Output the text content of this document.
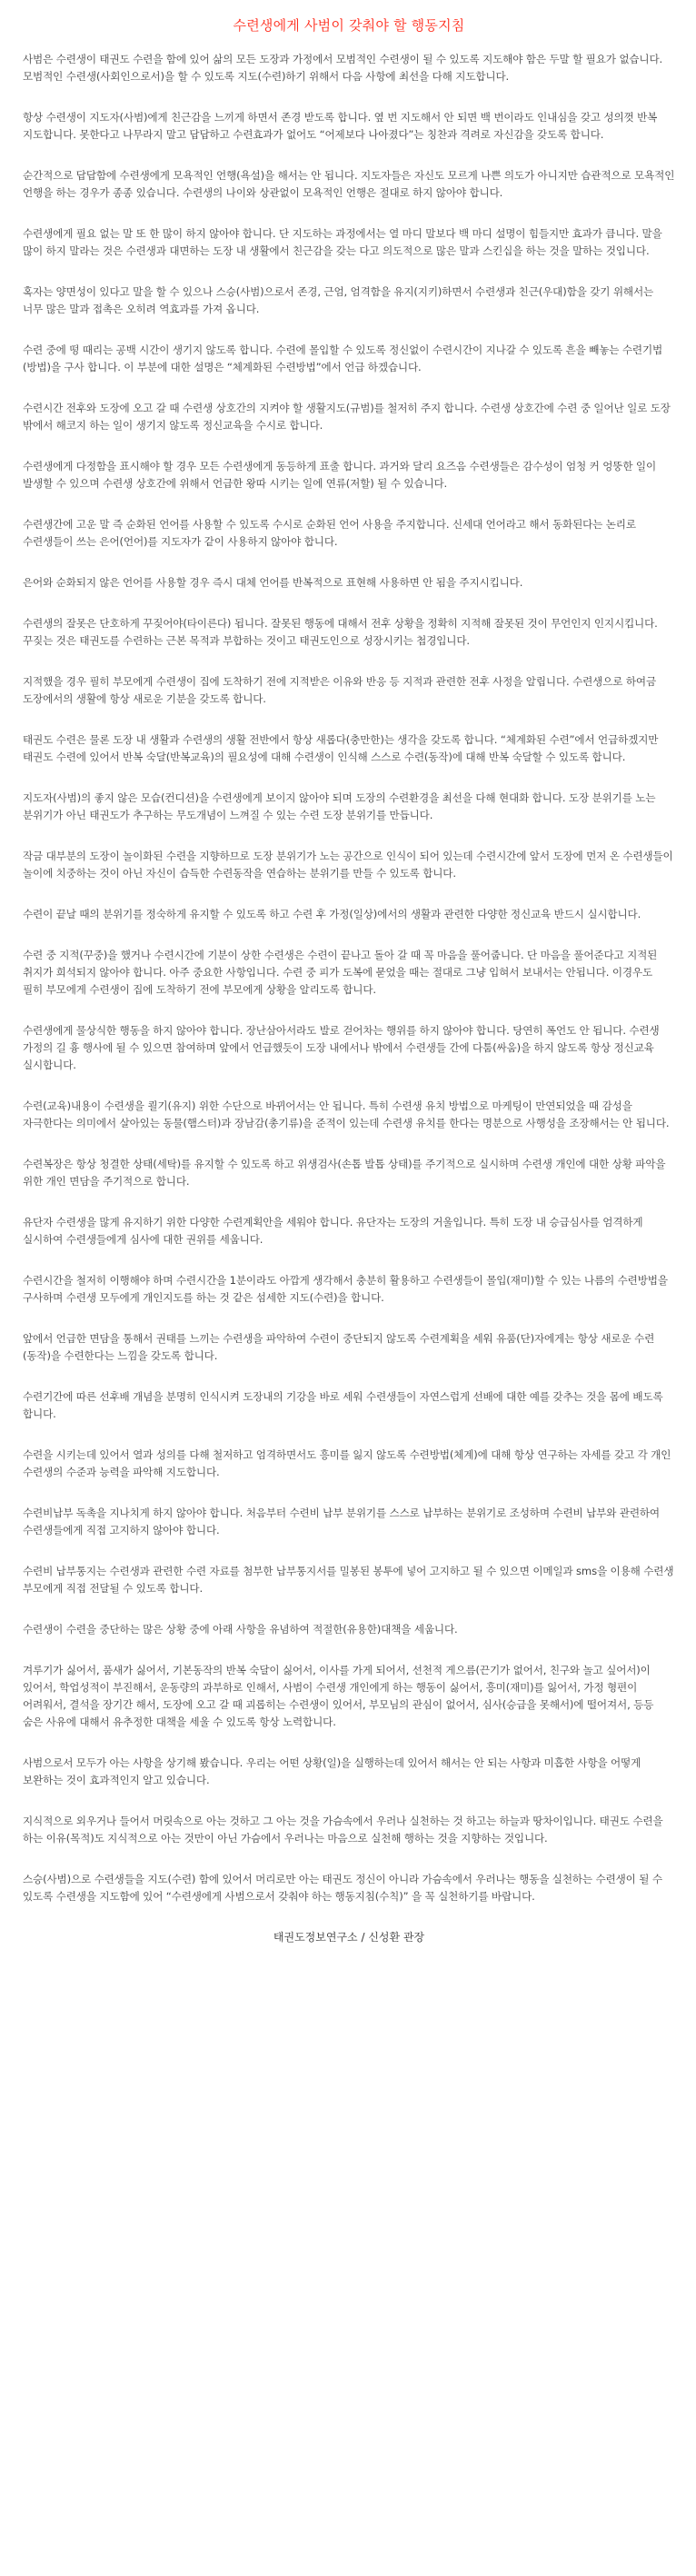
수련생에게 사범이 갖춰야 할 행동지침

사범은 수련생이 태권도 수련을 함에 있어 삶의 모든 도장과 가정에서 모범적인 수련생이 될 수 있도록 지도해야 함은 두말 할 필요가 없습니다. 모범적인 수련생(사회인으로서)을 할 수 있도록 지도(수련)하기 위해서 다음 사항에 최선을 다해 지도합니다.

항상 수련생이 지도자(사범)에게 친근감을 느끼게 하면서 존경 받도록 합니다. 옆 번 지도해서 안 되면 백 번이라도 인내심을 갖고 성의껏 반복 지도합니다. 못한다고 나무라지 말고 답답하고 수련효과가 없어도 “어제보다 나아졌다”는 칭찬과 격려로 자신감을 갖도록 합니다.

순간적으로 답답함에 수련생에게 모욕적인 언행(욕설)을 해서는 안 됩니다. 지도자들은 자신도 모르게 나쁜 의도가 아니지만 습관적으로 모욕적인 언행을 하는 경우가 종종 있습니다. 수련생의 나이와 상관없이 모욕적인 언행은 절대로 하지 않아야 합니다.

수련생에게 필요 없는 말 또 한 많이 하지 않아야 합니다. 단 지도하는 과정에서는 열 마디 말보다 백 마디 설명이 힘들지만 효과가 큽니다. 말을 많이 하지 말라는 것은 수련생과 대면하는 도장 내 생활에서 친근감을 갖는 다고 의도적으로 많은 말과 스킨십을 하는 것을 말하는 것입니다.

혹자는 양면성이 있다고 말을 할 수 있으나 스승(사범)으로서 존경, 근엄, 엄격함을 유지(지키)하면서 수련생과 친근(우대)함을 갖기 위해서는 너무 많은 말과 접촉은 오히려 역효과를 가져 옵니다.

수련 중에 떵 때리는 공백 시간이 생기지 않도록 합니다. 수련에 몰입할 수 있도록 정신없이 수련시간이 지나갈 수 있도록 흔을 빼놓는 수련기법(방법)을 구사 합니다. 이 부분에 대한 설명은 “체계화된 수련방법”에서 언급 하겠습니다.

수련시간 전후와 도장에 오고 갈 때 수련생 상호간의 지켜야 할 생활지도(규범)를 철저히 주지 합니다. 수련생 상호간에 수련 중 일어난 일로 도장 밖에서 해코지 하는 일이 생기지 않도록 정신교육을 수시로 합니다.

수련생에게 다정함을 표시해야 할 경우 모든 수련생에게 동등하게 표출 합니다. 과거와 달리 요즈음 수련생들은 감수성이 엄청 커 엉뚱한 일이 발생할 수 있으며 수련생 상호간에 위해서 언급한 왕따 시키는 일에 연류(저할) 될 수 있습니다.

수련생간에 고운 말 즉 순화된 언어를 사용할 수 있도록 수시로 순화된 언어 사용을 주지합니다. 신세대 언어라고 해서 동화된다는 논리로 수련생들이 쓰는 은어(언어)를 지도자가 같이 사용하지 않아야 합니다.

은어와 순화되지 않은 언어를 사용할 경우 즉시 대체 언어를 반복적으로 표현해 사용하면 안 됨을 주지시킵니다.

수련생의 잘못은 단호하게 꾸짖어야(타이른다) 됩니다. 잘못된 행동에 대해서 전후 상황을 정확히 지적해 잘못된 것이 무언인지 인지시킵니다. 꾸짖는 것은 태권도를 수련하는 근본 목적과 부합하는 것이고 태권도인으로 성장시키는 첩경입니다.

지적했을 경우 필히 부모에게 수련생이 집에 도착하기 전에 지적받은 이유와 반응 등 지적과 관련한 전후 사정을 알립니다. 수련생으로 하여금 도장에서의 생활에 항상 새로운 기분을 갖도록 합니다.

태권도 수련은 물론 도장 내 생활과 수련생의 생활 전반에서 항상 새롭다(충만한)는 생각을 갖도록 합니다. “체계화된 수련”에서 언급하겠지만 태권도 수련에 있어서 반복 숙달(반복교육)의 필요성에 대해 수련생이 인식해 스스로 수련(동작)에 대해 반복 숙달할 수 있도록 합니다.

지도자(사범)의 좋지 않은 모습(컨디션)을 수련생에게 보이지 않아야 되며 도장의 수련환경을 최선을 다해 현대화 합니다. 도장 분위기를 노는 분위기가 아닌 태권도가 추구하는 무도개념이 느껴질 수 있는 수련 도장 분위기를 만듭니다.

작금 대부분의 도장이 놀이화된 수련을 지향하므로 도장 분위기가 노는 공간으로 인식이 되어 있는데 수련시간에 앞서 도장에 먼저 온 수련생들이 놀이에 치중하는 것이 아닌 자신이 습득한 수련동작을 연습하는 분위기를 만들 수 있도록 합니다.

수련이 끝날 때의 분위기를 정숙하게 유지할 수 있도록 하고 수련 후 가정(일상)에서의 생활과 관련한 다양한 정신교육 반드시 실시합니다.

수련 중 지적(꾸중)을 했거나 수련시간에 기분이 상한 수련생은 수련이 끝나고 돌아 갈 때 꼭 마음을 풀어줍니다. 단 마음을 풀어준다고 지적된 취지가 희석되지 않아야 합니다. 아주 중요한 사항입니다. 수련 중 피가 도복에 묻었을 때는 절대로 그냥 입혀서 보내서는 안됩니다. 이경우도 필히 부모에게 수련생이 집에 도착하기 전에 부모에게 상황을 알리도록 합니다.

수련생에게 물상식한 행동을 하지 않아야 합니다. 장난삼아서라도 발로 걷어차는 행위를 하지 않아야 합니다. 당연히 폭언도 안 됩니다. 수련생 가정의 길 흉 행사에 될 수 있으면 참여하며 앞에서 언급했듯이 도장 내에서나 밖에서 수련생들 간에 다툼(싸움)을 하지 않도록 항상 정신교육 실시합니다.

수련(교육)내용이 수련생을 쾰기(유지) 위한 수단으로 바뀌어서는 안 됩니다. 특히 수련생 유치 방법으로 마케팅이 만연되었을 때 감성을 자극한다는 의미에서 살아있는 동물(햄스터)과 장남감(총기류)을 준적이 있는데 수련생 유치를 한다는 명분으로 사행성을 조장해서는 안 됩니다.

수련복장은 항상 청결한 상태(세탁)를 유지할 수 있도록 하고 위생검사(손톱 발톱 상태)를 주기적으로 실시하며 수련생 개인에 대한 상황 파악을 위한 개인 면담을 주기적으로 합니다.

유단자 수련생을 많게 유지하기 위한 다양한 수련계획안을 세워야 합니다. 유단자는 도장의 거울입니다. 특히 도장 내 승급심사를 엄격하게 실시하여 수련생들에게 심사에 대한 권위를 세웁니다.

수련시간을 철저히 이행해야 하며 수련시간을 1분이라도 아깝게 생각해서 충분히 활용하고 수련생들이 몰입(재미)할 수 있는 나름의 수련방법을 구사하며 수련생 모두에게 개인지도를 하는 것 같은 섬세한 지도(수련)을 합니다.

앞에서 언급한 면담을 통해서 권태를 느끼는 수련생을 파악하여 수련이 중단되지 않도록 수련계획을 세워 유품(단)자에게는 항상 새로운 수련(동작)을 수련한다는 느낌을 갖도록 합니다.

수련기간에 따른 선후배 개념을 분명히 인식시켜 도장내의 기강을 바로 세워 수련생들이 자연스럽게 선배에 대한 예를 갖추는 것을 몸에 배도록 합니다.

수련을 시키는데 있어서 열과 성의를 다해 철저하고 엄격하면서도 흥미를 잃지 않도록 수련방법(체계)에 대해 항상 연구하는 자세를 갖고 각 개인 수련생의 수준과 능력을 파악해 지도합니다.

수련비납부 독촉을 지나치게 하지 않아야 합니다. 처음부터 수련비 납부 분위기를 스스로 납부하는 분위기로 조성하며 수련비 납부와 관련하여 수련생들에게 직접 고지하지 않아야 합니다.

수련비 납부통지는 수련생과 관련한 수련 자료를 첨부한 납부통지서를 밀봉된 봉투에 넣어 고지하고 될 수 있으면 이메일과 sms을 이용해 수련생 부모에게 직접 전달될 수 있도록 합니다.

수련생이 수련을 중단하는 많은 상황 중에 아래 사항을 유념하여 적절한(유용한)대책을 세웁니다.

겨루기가 싫어서, 품새가 싫어서, 기본동작의 반복 숙달이 싫어서, 이사를 가게 되어서, 선천적 게으름(끈기가 없어서, 친구와 놀고 싶어서)이 있어서, 학업성적이 부진해서, 운동량의 과부하로 인해서, 사범이 수련생 개인에게 하는 행동이 싫어서, 흥미(재미)를 잃어서, 가정 형편이 어려워서, 결석을 장기간 해서, 도장에 오고 갈 때 괴롭히는 수련생이 있어서, 부모님의 관심이 없어서, 심사(승급을 못해서)에 떨어져서, 등등 숨은 사유에 대해서 유추정한 대책을 세울 수 있도록 항상 노력합니다.

사범으로서 모두가 아는 사항을 상기해 봤습니다. 우리는 어떤 상황(일)을 실행하는데 있어서 해서는 안 되는 사항과 미흡한 사항을 어떻게 보완하는 것이 효과적인지 알고 있습니다.

지식적으로 외우거나 들어서 머릿속으로 아는 것하고 그 아는 것을 가슴속에서 우러나 실천하는 것 하고는 하늘과 땅차이입니다. 태권도 수련을 하는 이유(목적)도 지식적으로 아는 것만이 아닌 가슴에서 우러나는 마음으로 실천해 행하는 것을 지향하는 것입니다.

스승(사범)으로 수련생들을 지도(수련) 함에 있어서 머리로만 아는 태권도 정신이 아니라 가슴속에서 우러나는 행동을 실천하는 수련생이 될 수 있도록 수련생을 지도함에 있어 “수련생에게 사범으로서 갖춰야 하는 행동지침(수칙)” 을 꼭 실천하기를 바랍니다.

태권도정보연구소 / 신성환 관장
